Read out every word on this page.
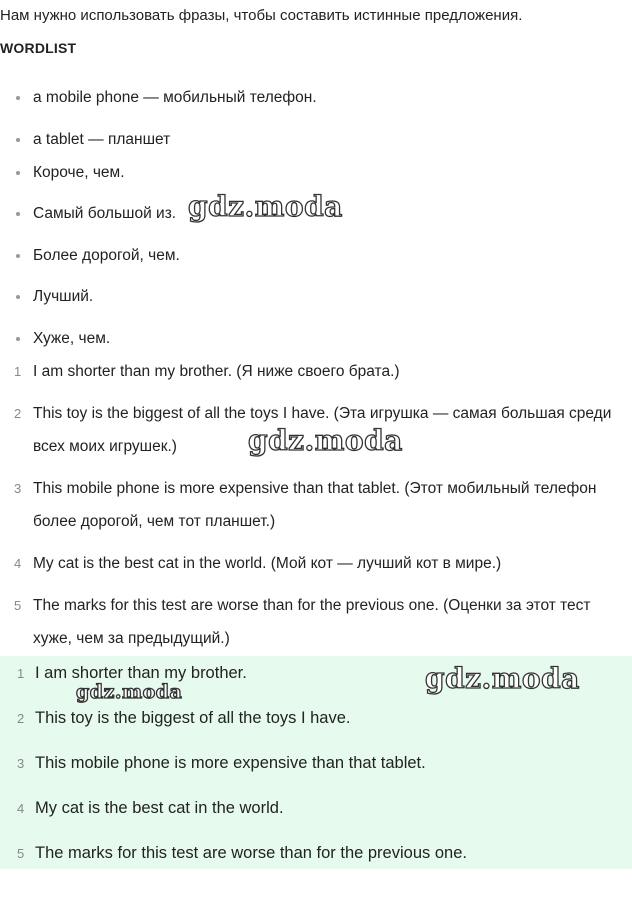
Нам нужно использовать фразы, чтобы составить истинные предложения.
WORDLIST
a mobile phone — мобильный телефон.
a tablet — планшет
Короче, чем.
Самый большой из.
Более дорогой, чем.
Лучший.
Хуже, чем.
1 I am shorter than my brother. (Я ниже своего брата.)
2 This toy is the biggest of all the toys I have. (Эта игрушка — самая большая среди всех моих игрушек.)
3 This mobile phone is more expensive than that tablet. (Этот мобильный телефон более дорогой, чем тот планшет.)
4 My cat is the best cat in the world. (Мой кот — лучший кот в мире.)
5 The marks for this test are worse than for the previous one. (Оценки за этот тест хуже, чем за предыдущий.)
1 I am shorter than my brother.
2 This toy is the biggest of all the toys I have.
3 This mobile phone is more expensive than that tablet.
4 My cat is the best cat in the world.
5 The marks for this test are worse than for the previous one.
gdz.moda
gdz.moda
gdz.moda
gdz.moda
